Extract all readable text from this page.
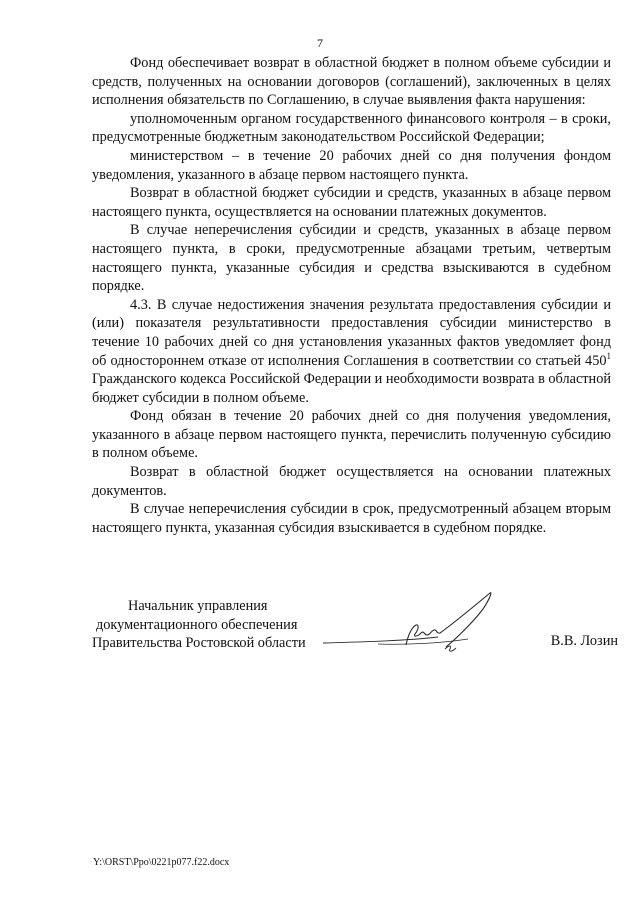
7

Фонд обеспечивает возврат в областной бюджет в полном объеме субсидии и средств, полученных на основании договоров (соглашений), заключенных в целях исполнения обязательств по Соглашению, в случае выявления факта нарушения:

уполномоченным органом государственного финансового контроля – в сроки, предусмотренные бюджетным законодательством Российской Федерации;

министерством – в течение 20 рабочих дней со дня получения фондом уведомления, указанного в абзаце первом настоящего пункта.

Возврат в областной бюджет субсидии и средств, указанных в абзаце первом настоящего пункта, осуществляется на основании платежных документов.

В случае неперечисления субсидии и средств, указанных в абзаце первом настоящего пункта, в сроки, предусмотренные абзацами третьим, четвертым настоящего пункта, указанные субсидия и средства взыскиваются в судебном порядке.

4.3. В случае недостижения значения результата предоставления субсидии и (или) показателя результативности предоставления субсидии министерство в течение 10 рабочих дней со дня установления указанных фактов уведомляет фонд об одностороннем отказе от исполнения Соглашения в соответствии со статьей $450^1$ Гражданского кодекса Российской Федерации и необходимости возврата в областной бюджет субсидии в полном объеме.

Фонд обязан в течение 20 рабочих дней со дня получения уведомления, указанного в абзаце первом настоящего пункта, перечислить полученную субсидию в полном объеме.

Возврат в областной бюджет осуществляется на основании платежных документов.

В случае неперечисления субсидии в срок, предусмотренный абзацем вторым настоящего пункта, указанная субсидия взыскивается в судебном порядке.

Начальник управления
документационного обеспечения
Правительства Ростовской области	В.В. Лозин
Y:\ORST\Ppo\0221p077.f22.docx
